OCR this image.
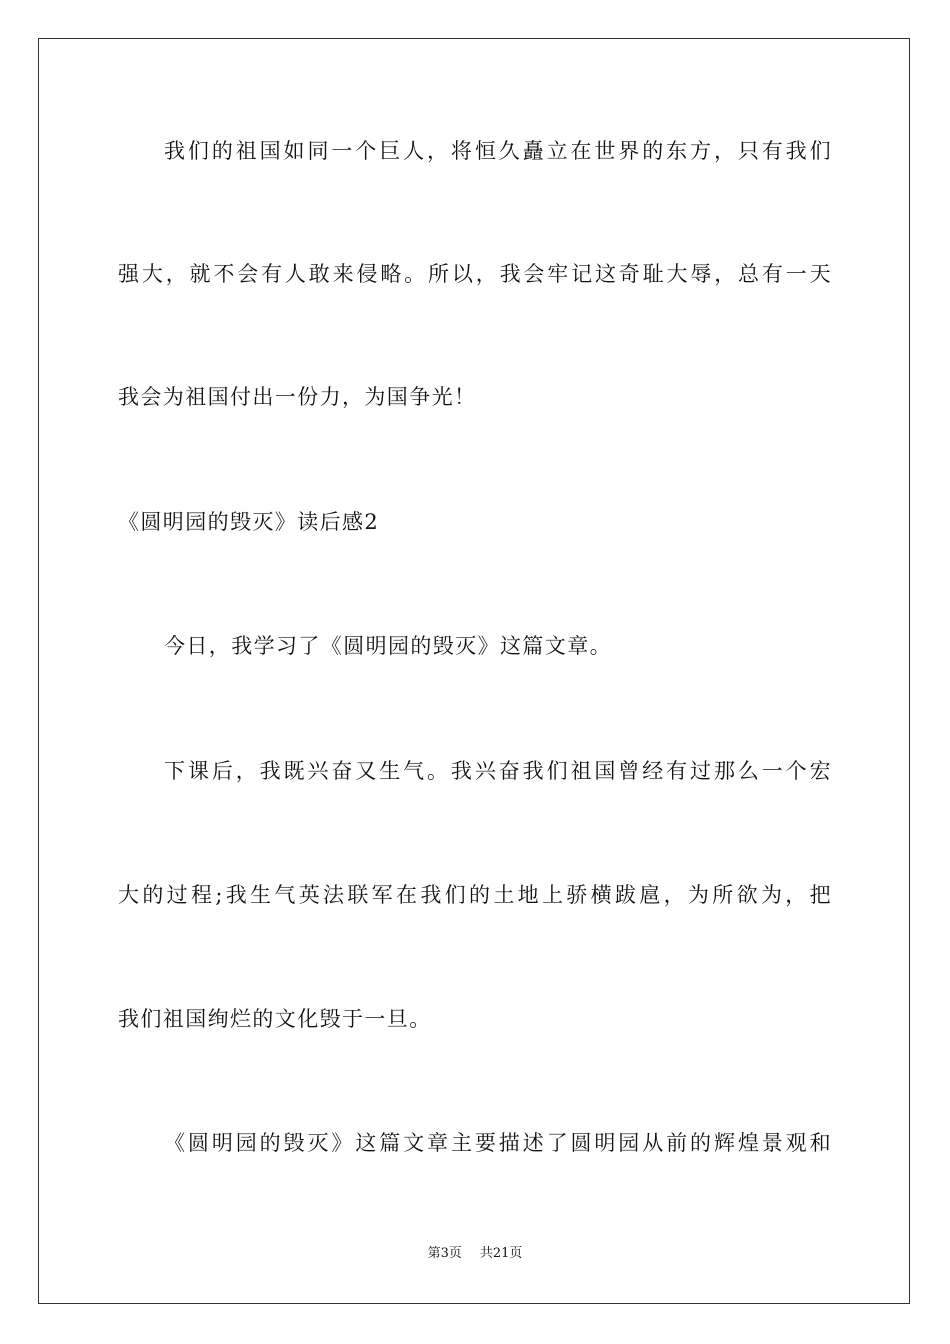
我们的祖国如同一个巨人，将恒久矗立在世界的东方，只有我们
强大，就不会有人敢来侵略。所以，我会牢记这奇耻大辱，总有一天
我会为祖国付出一份力，为国争光！
《圆明园的毁灭》读后感2
今日，我学习了《圆明园的毁灭》这篇文章。
下课后，我既兴奋又生气。我兴奋我们祖国曾经有过那么一个宏
大的过程;我生气英法联军在我们的土地上骄横跋扈，为所欲为，把
我们祖国绚烂的文化毁于一旦。
《圆明园的毁灭》这篇文章主要描述了圆明园从前的辉煌景观和
第3页 共21页
